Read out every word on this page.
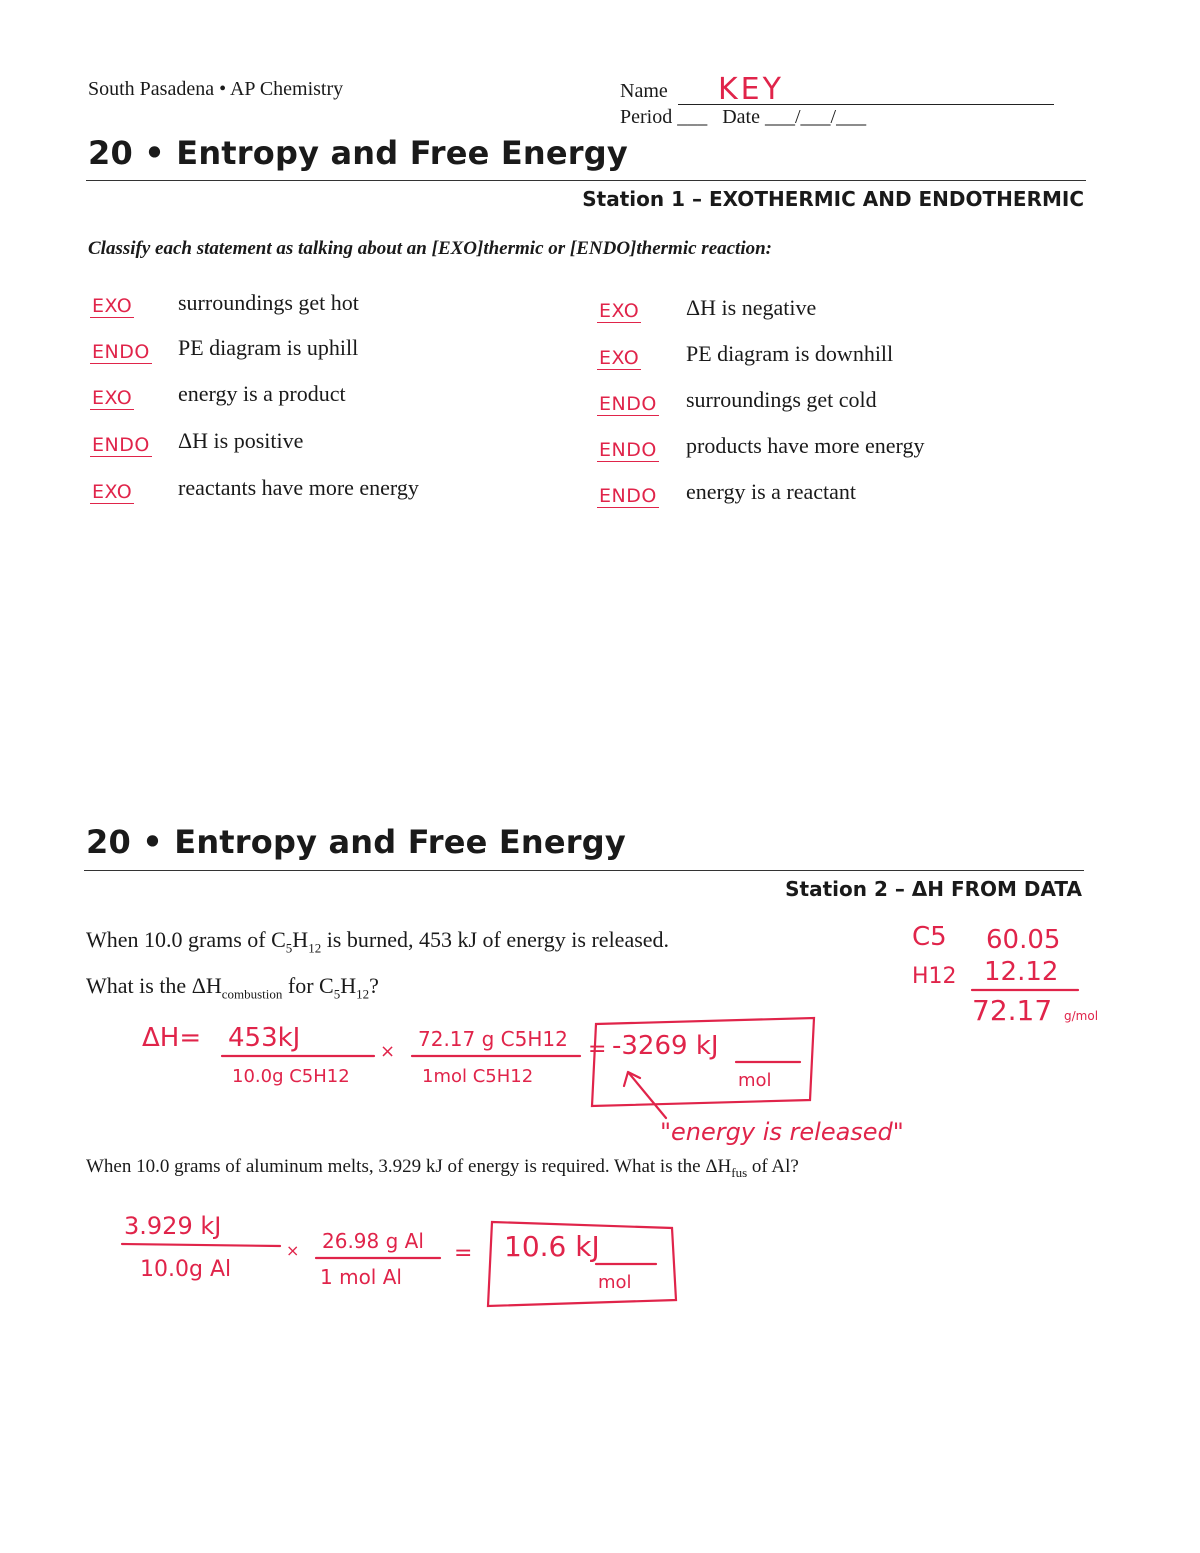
South Pasadena • AP Chemistry	Name KEY
Period ___ Date ___/___/___
20 • Entropy and Free Energy
Station 1 – EXOTHERMIC AND ENDOTHERMIC
Classify each statement as talking about an [EXO]thermic or [ENDO]thermic reaction:
EXO surroundings get hot
ENDO PE diagram is uphill
EXO energy is a product
ENDO ΔH is positive
EXO reactants have more energy
EXO ΔH is negative
EXO PE diagram is downhill
ENDO surroundings get cold
ENDO products have more energy
ENDO energy is a reactant
20 • Entropy and Free Energy
Station 2 – ΔH FROM DATA
When 10.0 grams of $C_5H_{12}$ is burned, 453 kJ of energy is released.
What is the $\Delta H_{combustion}$ for $C_5H_{12}$?
When 10.0 grams of aluminum melts, 3.929 kJ of energy is required. What is the $\Delta H_{fus}$ of Al?
C5 60.05
H12 12.12
72.17 g/mol
ΔH= 453kJ
10.0g C5H12
×
72.17 g C5H12
1mol C5H12
= -3269 kJ
mol
"energy is released"
3.929 kJ
10.0g Al
× 26.98 g Al
1 mol Al
= 10.6 kJ
mol
